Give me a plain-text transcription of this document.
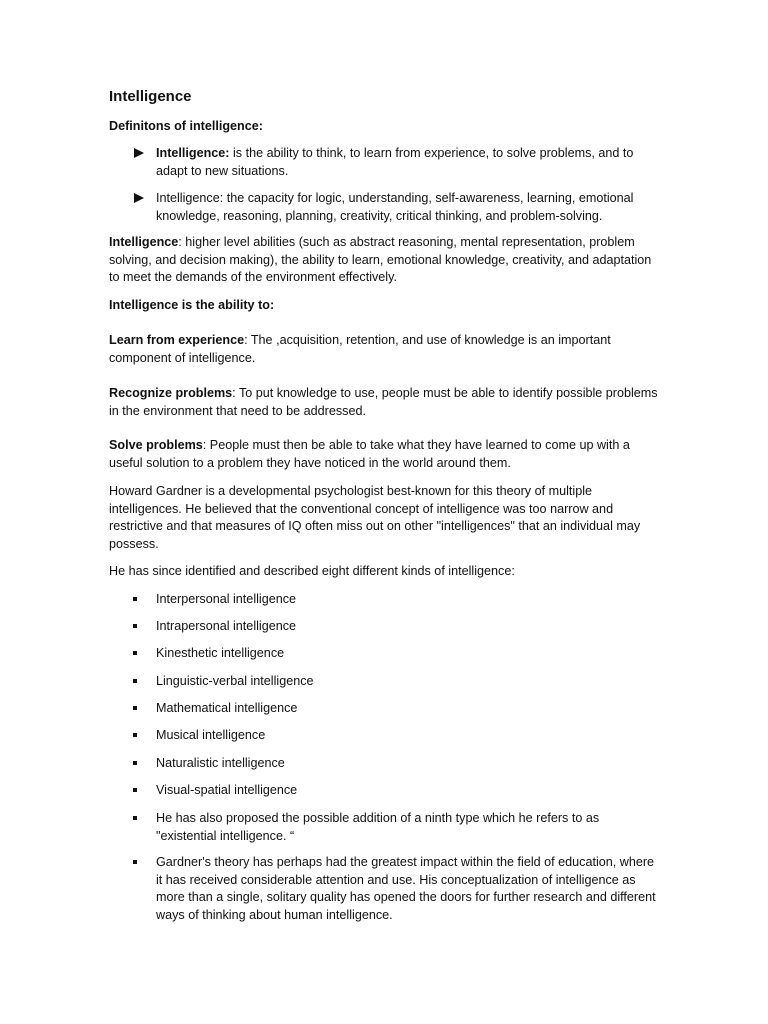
Intelligence
Definitons of intelligence:
Intelligence: is the ability to think, to learn from experience, to solve problems, and to adapt to new situations.
Intelligence: the capacity for logic, understanding, self-awareness, learning, emotional knowledge, reasoning, planning, creativity, critical thinking, and problem-solving.
Intelligence: higher level abilities (such as abstract reasoning, mental representation, problem solving, and decision making), the ability to learn, emotional knowledge, creativity, and adaptation to meet the demands of the environment effectively.
Intelligence is the ability to:
Learn from experience: The ,acquisition, retention, and use of knowledge is an important component of intelligence.
Recognize problems: To put knowledge to use, people must be able to identify possible problems in the environment that need to be addressed.
Solve problems: People must then be able to take what they have learned to come up with a useful solution to a problem they have noticed in the world around them.
Howard Gardner is a developmental psychologist best-known for this theory of multiple intelligences. He believed that the conventional concept of intelligence was too narrow and restrictive and that measures of IQ often miss out on other "intelligences" that an individual may possess.
He has since identified and described eight different kinds of intelligence:
Interpersonal intelligence
Intrapersonal intelligence
Kinesthetic intelligence
Linguistic-verbal intelligence
Mathematical intelligence
Musical intelligence
Naturalistic intelligence
Visual-spatial intelligence
He has also proposed the possible addition of a ninth type which he refers to as "existential intelligence. “
Gardner's theory has perhaps had the greatest impact within the field of education, where it has received considerable attention and use. His conceptualization of intelligence as more than a single, solitary quality has opened the doors for further research and different ways of thinking about human intelligence.
